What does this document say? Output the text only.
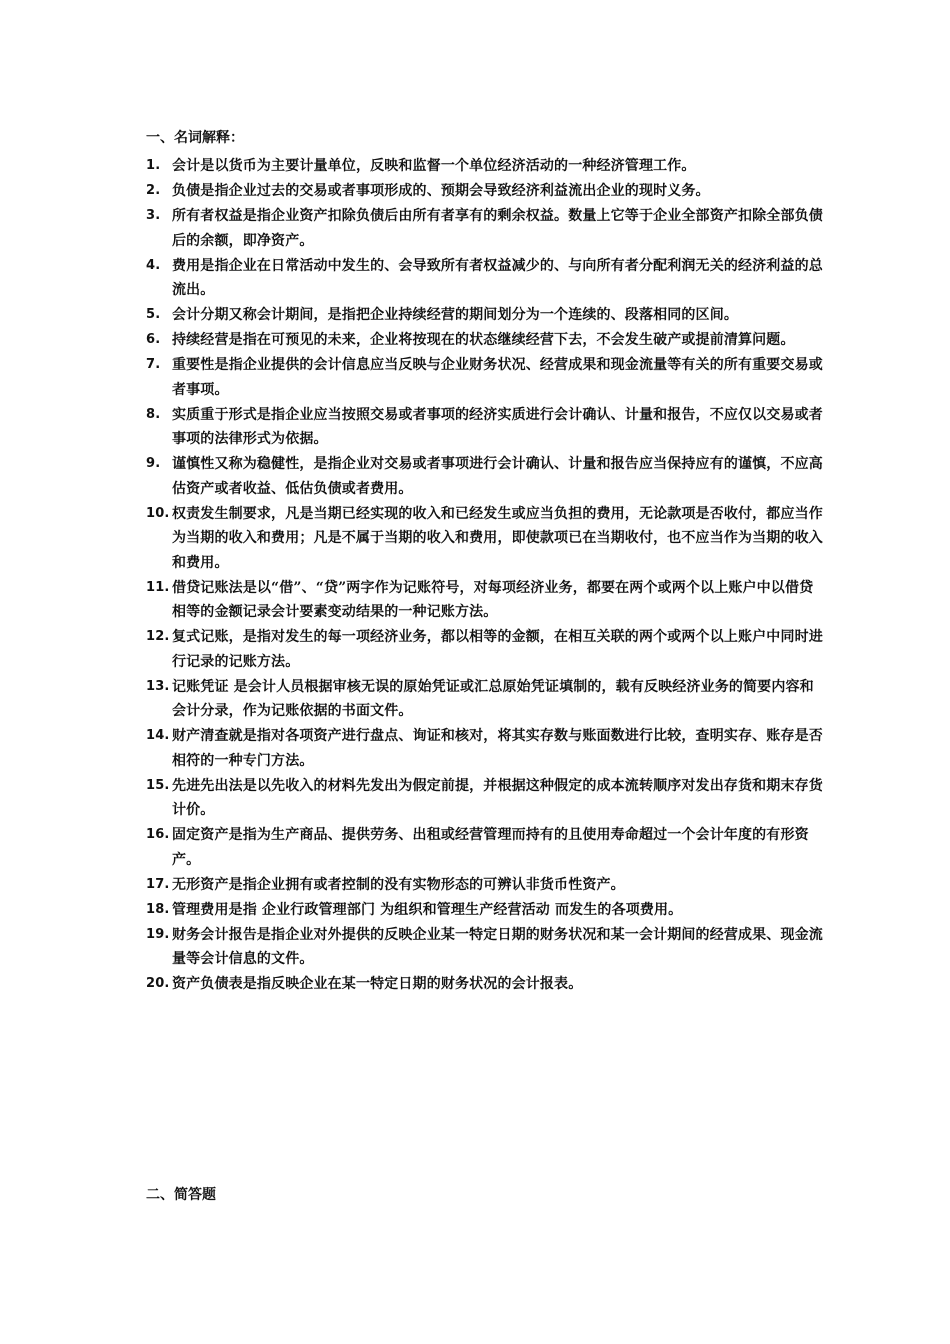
一、名词解释：
1. 会计是以货币为主要计量单位，反映和监督一个单位经济活动的一种经济管理工作。
2. 负债是指企业过去的交易或者事项形成的、预期会导致经济利益流出企业的现时义务。
3. 所有者权益是指企业资产扣除负债后由所有者享有的剩余权益。数量上它等于企业全部资产扣除全部负债后的余额，即净资产。
4. 费用是指企业在日常活动中发生的、会导致所有者权益减少的、与向所有者分配利润无关的经济利益的总流出。
5. 会计分期又称会计期间，是指把企业持续经营的期间划分为一个连续的、段落相同的区间。
6. 持续经营是指在可预见的未来，企业将按现在的状态继续经营下去，不会发生破产或提前清算问题。
7. 重要性是指企业提供的会计信息应当反映与企业财务状况、经营成果和现金流量等有关的所有重要交易或者事项。
8. 实质重于形式是指企业应当按照交易或者事项的经济实质进行会计确认、计量和报告，不应仅以交易或者事项的法律形式为依据。
9. 谨慎性又称为稳健性，是指企业对交易或者事项进行会计确认、计量和报告应当保持应有的谨慎，不应高估资产或者收益、低估负债或者费用。
10. 权责发生制要求，凡是当期已经实现的收入和已经发生或应当负担的费用，无论款项是否收付，都应当作为当期的收入和费用；凡是不属于当期的收入和费用，即使款项已在当期收付，也不应当作为当期的收入和费用。
11. 借贷记账法是以“借”、“贷”两字作为记账符号，对每项经济业务，都要在两个或两个以上账户中以借贷相等的金额记录会计要素变动结果的一种记账方法。
12. 复式记账，是指对发生的每一项经济业务，都以相等的金额，在相互关联的两个或两个以上账户中同时进行记录的记账方法。
13. 记账凭证 是会计人员根据审核无误的原始凭证或汇总原始凭证填制的，载有反映经济业务的简要内容和会计分录，作为记账依据的书面文件。
14. 财产清查就是指对各项资产进行盘点、询证和核对，将其实存数与账面数进行比较，查明实存、账存是否相符的一种专门方法。
15. 先进先出法是以先收入的材料先发出为假定前提，并根据这种假定的成本流转顺序对发出存货和期末存货计价。
16. 固定资产是指为生产商品、提供劳务、出租或经营管理而持有的且使用寿命超过一个会计年度的有形资产。
17. 无形资产是指企业拥有或者控制的没有实物形态的可辨认非货币性资产。
18. 管理费用是指 企业行政管理部门 为组织和管理生产经营活动 而发生的各项费用。
19. 财务会计报告是指企业对外提供的反映企业某一特定日期的财务状况和某一会计期间的经营成果、现金流量等会计信息的文件。
20. 资产负债表是指反映企业在某一特定日期的财务状况的会计报表。
二、简答题
